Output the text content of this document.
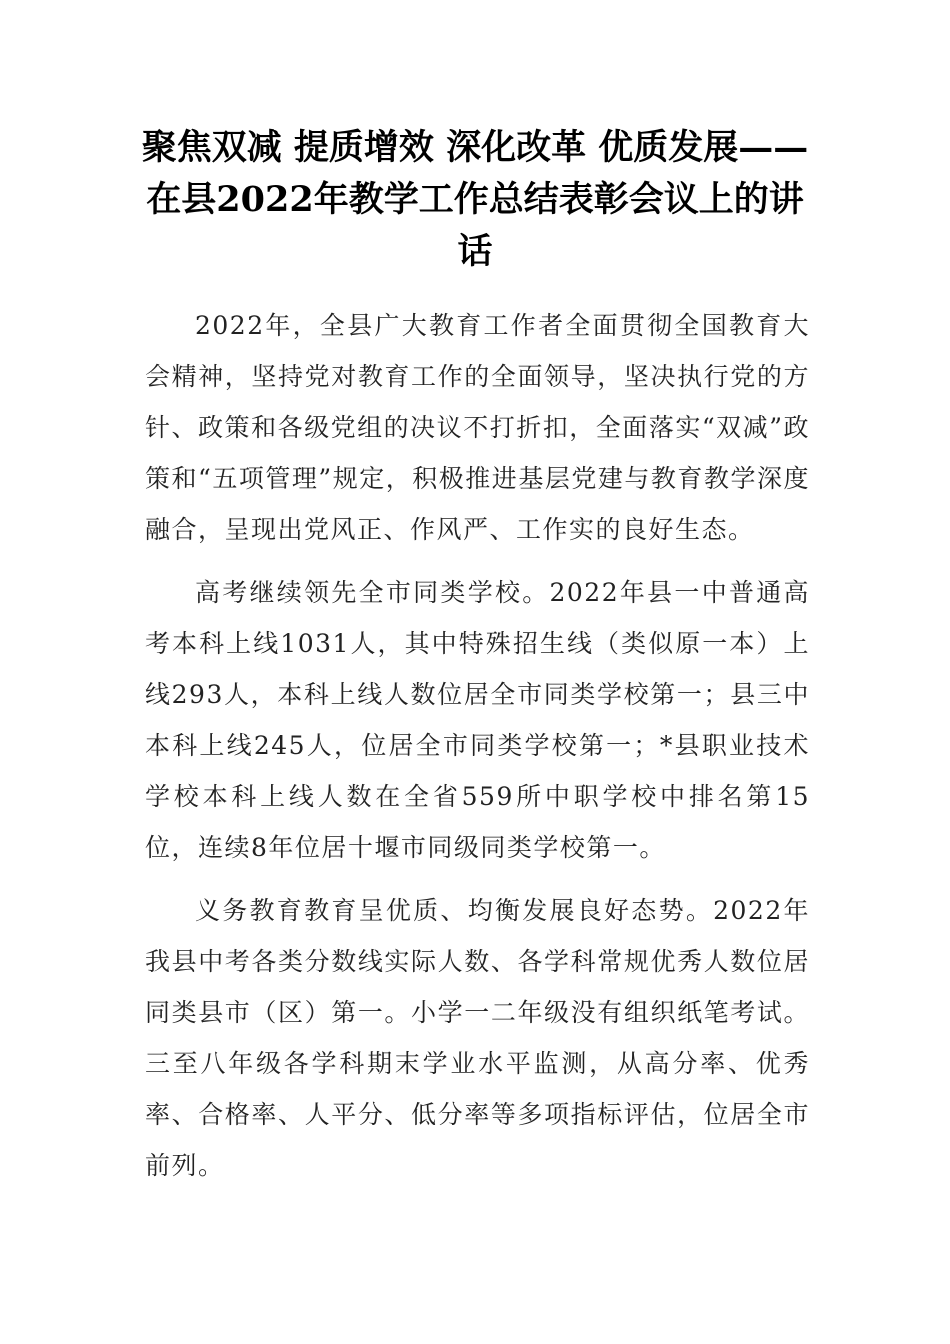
聚焦双减 提质增效 深化改革 优质发展——
在县2022年教学工作总结表彰会议上的讲
话

2022年，全县广大教育工作者全面贯彻全国教育大会精神，坚持党对教育工作的全面领导，坚决执行党的方针、政策和各级党组的决议不打折扣，全面落实“双减”政策和“五项管理”规定，积极推进基层党建与教育教学深度融合，呈现出党风正、作风严、工作实的良好生态。

高考继续领先全市同类学校。2022年县一中普通高考本科上线1031人，其中特殊招生线（类似原一本）上线293人，本科上线人数位居全市同类学校第一；县三中本科上线245人，位居全市同类学校第一；*县职业技术学校本科上线人数在全省559所中职学校中排名第15位，连续8年位居十堰市同级同类学校第一。

义务教育教育呈优质、均衡发展良好态势。2022年我县中考各类分数线实际人数、各学科常规优秀人数位居同类县市（区）第一。小学一二年级没有组织纸笔考试。三至八年级各学科期末学业水平监测，从高分率、优秀率、合格率、人平分、低分率等多项指标评估，位居全市前列。
